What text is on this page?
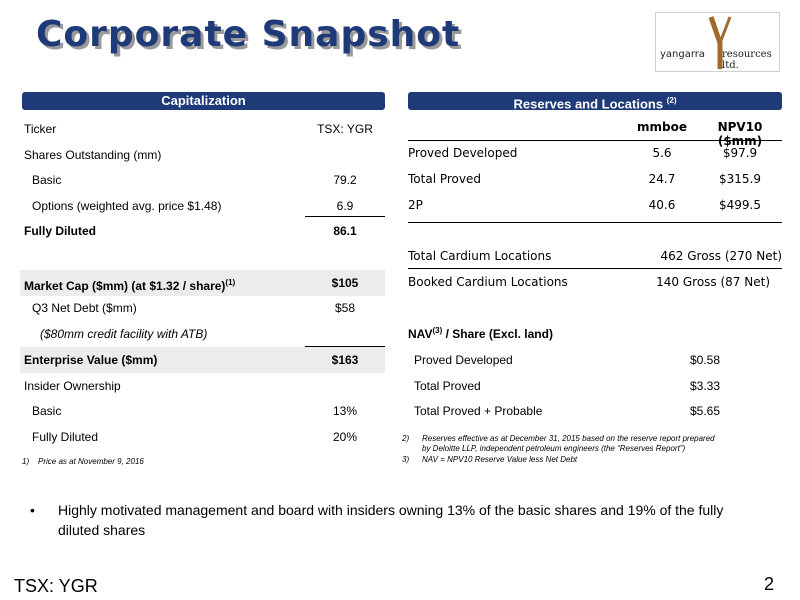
Corporate Snapshot	yangarra resources ltd.
Capitalization
Ticker	TSX: YGR
Shares Outstanding (mm)
Basic	79.2
Options (weighted avg. price $1.48)	6.9
Fully Diluted	86.1
Market Cap ($mm) (at $1.32 / share)$^{(1)}$	$105
Q3 Net Debt ($mm)	$58
($80mm credit facility with ATB)
Enterprise Value ($mm)	$163
Insider Ownership
Basic	13%
Fully Diluted	20%
1)    Price as at November 9, 2016
Reserves and Locations $^{(2)}$
mmboe	NPV10 ($mm)
Proved Developed	5.6	$97.9
Total Proved	24.7	$315.9
2P	40.6	$499.5
Total Cardium Locations	462 Gross (270 Net)
Booked Cardium Locations	140 Gross (87 Net)
NAV$^{(3)}$ / Share (Excl. land)
Proved Developed	$0.58
Total Proved	$3.33
Total Proved + Probable	$5.65
2) Reserves effective as at December 31, 2015 based on the reserve report prepared
by Deloitte LLP, independent petroleum engineers (the “Reserves Report”)
3) NAV = NPV10 Reserve Value less Net Debt
• Highly motivated management and board with insiders owning 13% of the basic shares and 19% of the fully diluted shares
TSX: YGR	2
